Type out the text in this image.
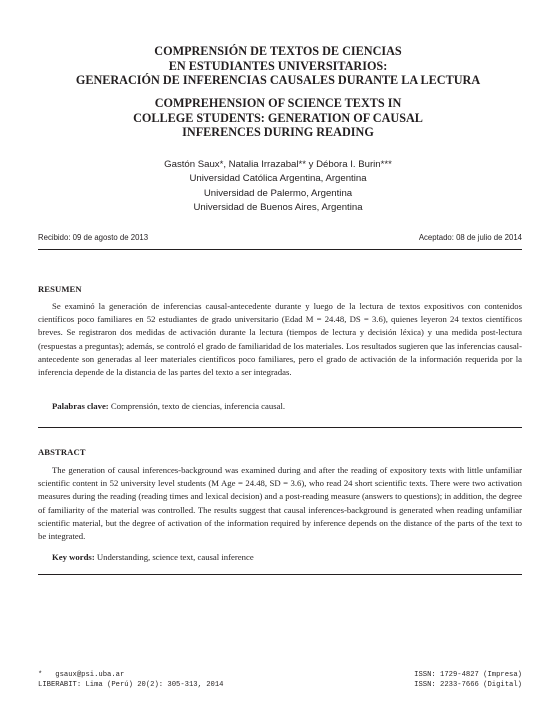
COMPRENSIÓN DE TEXTOS DE CIENCIAS
EN ESTUDIANTES UNIVERSITARIOS:
GENERACIÓN DE INFERENCIAS CAUSALES DURANTE LA LECTURA
COMPREHENSION OF SCIENCE TEXTS IN
COLLEGE STUDENTS: GENERATION OF CAUSAL
INFERENCES DURING READING
Gastón Saux*, Natalia Irrazabal** y Débora I. Burin***
Universidad Católica Argentina, Argentina
Universidad de Palermo, Argentina
Universidad de Buenos Aires, Argentina
Recibido: 09 de agosto de 2013	Aceptado: 08 de julio de 2014
RESUMEN
Se examinó la generación de inferencias causal-antecedente durante y luego de la lectura de textos expositivos con contenidos científicos poco familiares en 52 estudiantes de grado universitario (Edad M = 24.48, DS = 3.6), quienes leyeron 24 textos científicos breves. Se registraron dos medidas de activación durante la lectura (tiempos de lectura y decisión léxica) y una medida post-lectura (respuestas a preguntas); además, se controló el grado de familiaridad de los materiales. Los resultados sugieren que las inferencias causal-antecedente son generadas al leer materiales científicos poco familiares, pero el grado de activación de la información requerida por la inferencia depende de la distancia de las partes del texto a ser integradas.
Palabras clave: Comprensión, texto de ciencias, inferencia causal.
ABSTRACT
The generation of causal inferences-background was examined during and after the reading of expository texts with little unfamiliar scientific content in 52 university level students (M Age = 24.48, SD = 3.6), who read 24 short scientific texts. There were two activation measures during the reading (reading times and lexical decision) and a post-reading measure (answers to questions); in addition, the degree of familiarity of the material was controlled. The results suggest that causal inferences-background is generated when reading unfamiliar scientific material, but the degree of activation of the information required by inference depends on the distance of the parts of the text to be integrated.
Key words: Understanding, science text, causal inference
* gsaux@psi.uba.ar
LIBERABIT: Lima (Perú) 20(2): 305-313, 2014
ISSN: 1729-4827 (Impresa)
ISSN: 2233-7666 (Digital)
